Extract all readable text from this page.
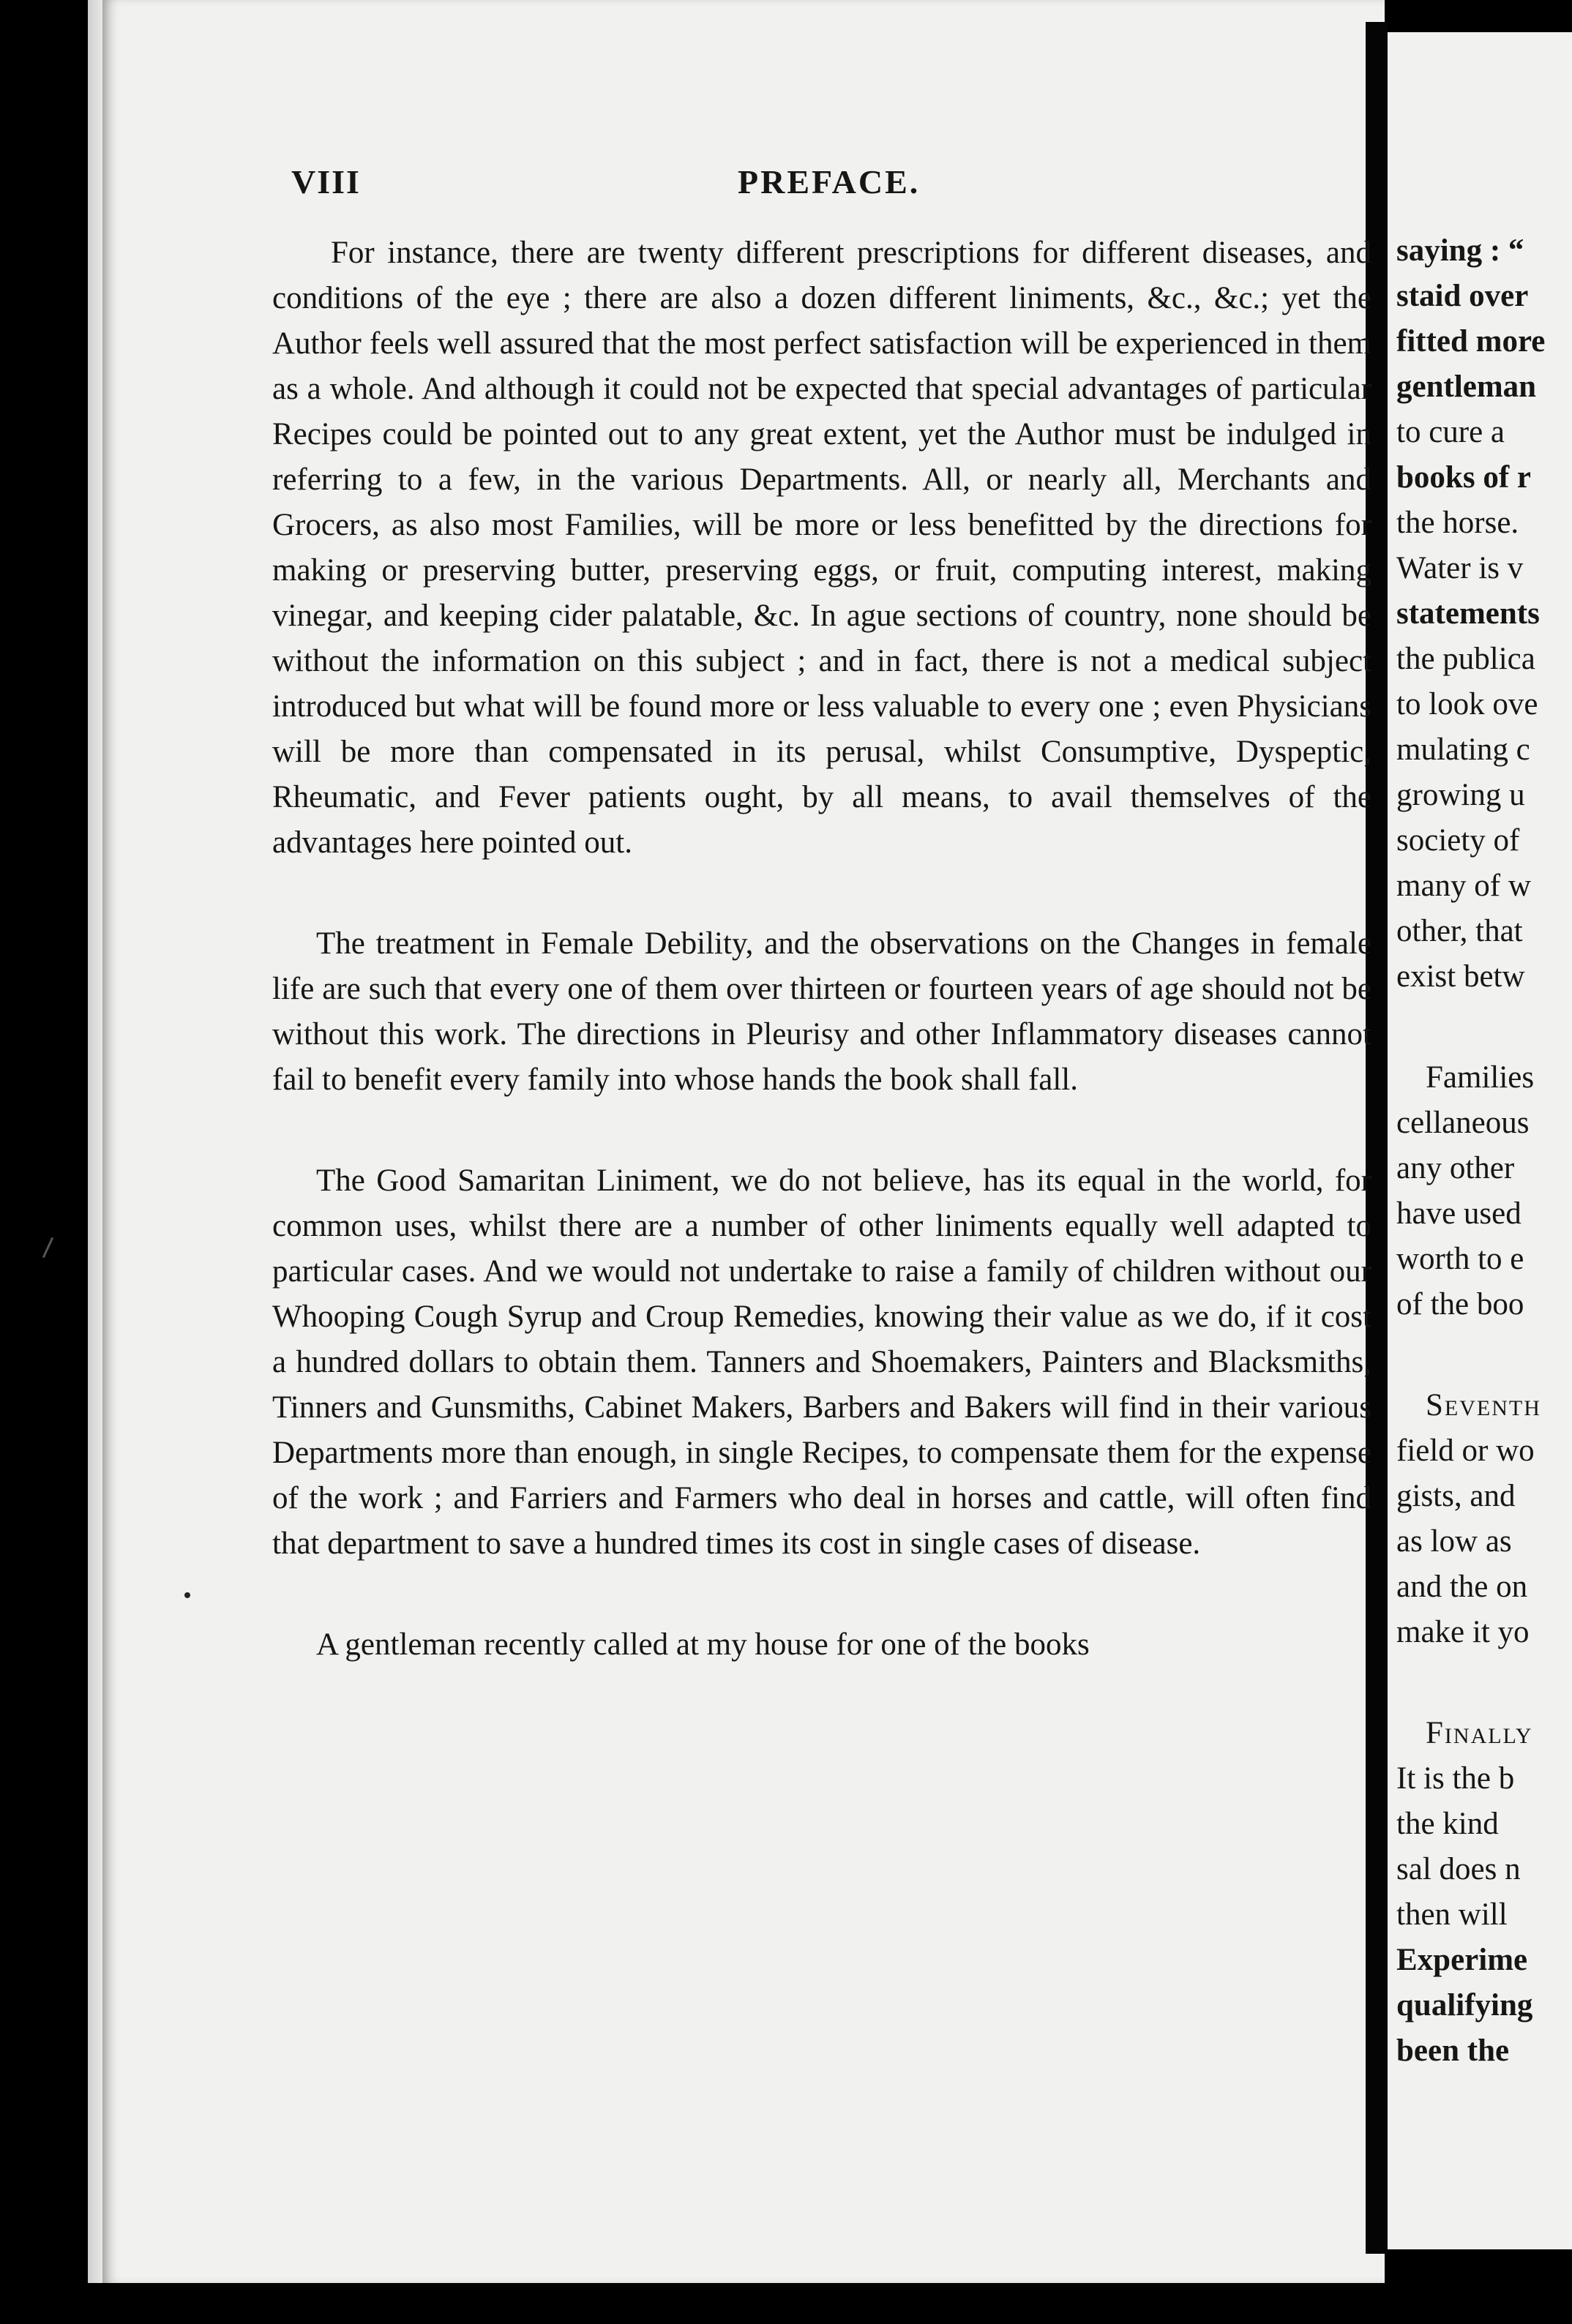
saying : “
staid over
fitted more
gentleman
to cure a
books of r
the horse.
Water is v
statements
the publica
to look ove
mulating c
growing u
society of
many of w
other, that
exist betw
Families
cellaneous
any other
have used
worth to e
of the boo
Seventh
field or wo
gists, and
as low as
and the on
make it yo
Finally
It is the b
the kind
sal does n
then will
Experime
qualifying
been the
VIII	PREFACE.

For instance, there are twenty different prescriptions for different diseases, and conditions of the eye ; there are also a dozen different liniments, &c., &c.; yet the Author feels well assured that the most perfect satisfaction will be experienced in them as a whole. And although it could not be expected that special advantages of particular Recipes could be pointed out to any great extent, yet the Author must be indulged in referring to a few, in the various Departments. All, or nearly all, Merchants and Grocers, as also most Families, will be more or less benefitted by the directions for making or preserving butter, preserving eggs, or fruit, computing interest, making vinegar, and keeping cider palatable, &c. In ague sections of country, none should be without the information on this subject ; and in fact, there is not a medical subject introduced but what will be found more or less valuable to every one ; even Physicians will be more than compensated in its perusal, whilst Consumptive, Dyspeptic, Rheumatic, and Fever patients ought, by all means, to avail themselves of the advantages here pointed out.

The treatment in Female Debility, and the observations on the Changes in female life are such that every one of them over thirteen or fourteen years of age should not be without this work. The directions in Pleurisy and other Inflammatory diseases cannot fail to benefit every family into whose hands the book shall fall.

The Good Samaritan Liniment, we do not believe, has its equal in the world, for common uses, whilst there are a number of other liniments equally well adapted to particular cases. And we would not undertake to raise a family of children without our Whooping Cough Syrup and Croup Remedies, knowing their value as we do, if it cost a hundred dollars to obtain them. Tanners and Shoemakers, Painters and Blacksmiths, Tinners and Gunsmiths, Cabinet Makers, Barbers and Bakers will find in their various Departments more than enough, in single Recipes, to compensate them for the expense of the work ; and Farriers and Farmers who deal in horses and cattle, will often find that department to save a hundred times its cost in single cases of disease.

A gentleman recently called at my house for one of the books
